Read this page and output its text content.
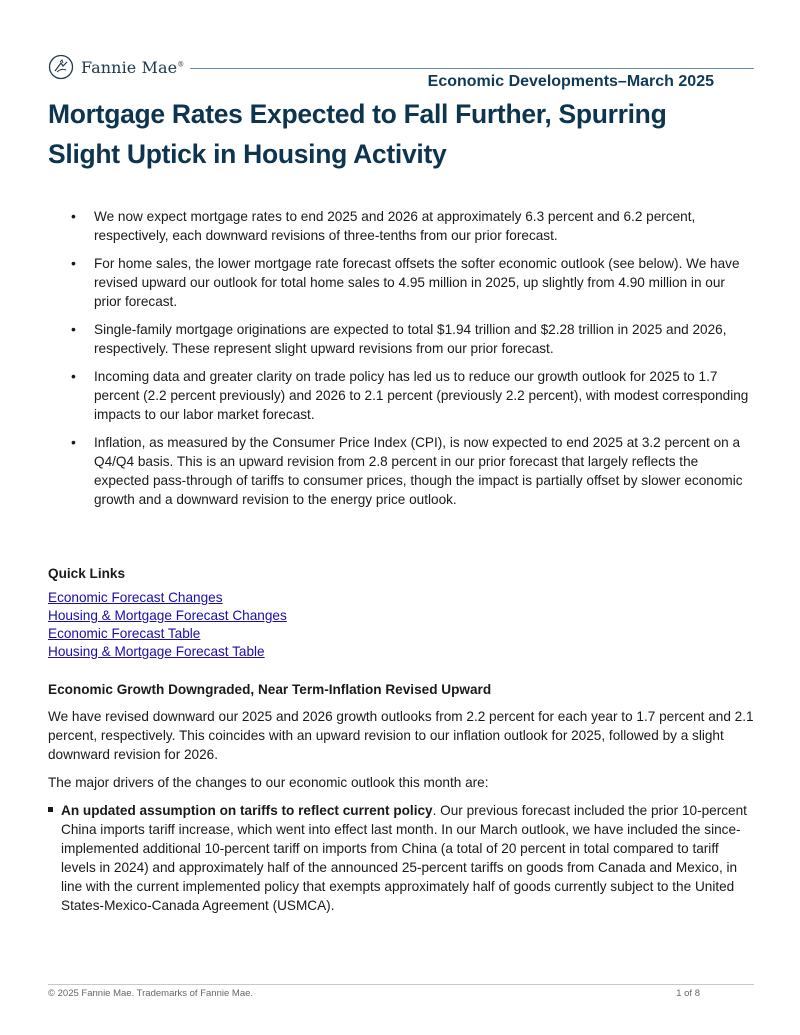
Fannie Mae®
Economic Developments–March 2025
Mortgage Rates Expected to Fall Further, Spurring
Slight Uptick in Housing Activity
• We now expect mortgage rates to end 2025 and 2026 at approximately 6.3 percent and 6.2 percent, respectively, each downward revisions of three-tenths from our prior forecast.
• For home sales, the lower mortgage rate forecast offsets the softer economic outlook (see below). We have revised upward our outlook for total home sales to 4.95 million in 2025, up slightly from 4.90 million in our prior forecast.
• Single-family mortgage originations are expected to total $1.94 trillion and $2.28 trillion in 2025 and 2026, respectively. These represent slight upward revisions from our prior forecast.
• Incoming data and greater clarity on trade policy has led us to reduce our growth outlook for 2025 to 1.7 percent (2.2 percent previously) and 2026 to 2.1 percent (previously 2.2 percent), with modest corresponding impacts to our labor market forecast.
• Inflation, as measured by the Consumer Price Index (CPI), is now expected to end 2025 at 3.2 percent on a Q4/Q4 basis. This is an upward revision from 2.8 percent in our prior forecast that largely reflects the expected pass-through of tariffs to consumer prices, though the impact is partially offset by slower economic growth and a downward revision to the energy price outlook.
Quick Links
Economic Forecast Changes
Housing & Mortgage Forecast Changes
Economic Forecast Table
Housing & Mortgage Forecast Table
Economic Growth Downgraded, Near Term-Inflation Revised Upward

We have revised downward our 2025 and 2026 growth outlooks from 2.2 percent for each year to 1.7 percent and 2.1 percent, respectively. This coincides with an upward revision to our inflation outlook for 2025, followed by a slight downward revision for 2026.

The major drivers of the changes to our economic outlook this month are:

An updated assumption on tariffs to reflect current policy. Our previous forecast included the prior 10-percent China imports tariff increase, which went into effect last month. In our March outlook, we have included the since-implemented additional 10-percent tariff on imports from China (a total of 20 percent in total compared to tariff levels in 2024) and approximately half of the announced 25-percent tariffs on goods from Canada and Mexico, in line with the current implemented policy that exempts approximately half of goods currently subject to the United States-Mexico-Canada Agreement (USMCA).
© 2025 Fannie Mae. Trademarks of Fannie Mae.	1 of 8
